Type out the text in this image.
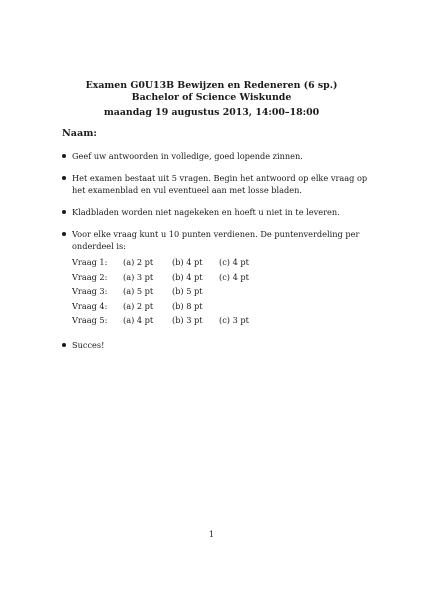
Examen G0U13B Bewijzen en Redeneren (6 sp.)
Bachelor of Science Wiskunde
maandag 19 augustus 2013, 14:00–18:00
Naam:
Geef uw antwoorden in volledige, goed lopende zinnen.
Het examen bestaat uit 5 vragen. Begin het antwoord op elke vraag op het examenblad en vul eventueel aan met losse bladen.
Kladbladen worden niet nagekeken en hoeft u niet in te leveren.
Voor elke vraag kunt u 10 punten verdienen. De puntenverdeling per onderdeel is:
Vraag 1:	(a) 2 pt	(b) 4 pt	(c) 4 pt
Vraag 2:	(a) 3 pt	(b) 4 pt	(c) 4 pt
Vraag 3:	(a) 5 pt	(b) 5 pt	
Vraag 4:	(a) 2 pt	(b) 8 pt	
Vraag 5:	(a) 4 pt	(b) 3 pt	(c) 3 pt
Succes!
1
